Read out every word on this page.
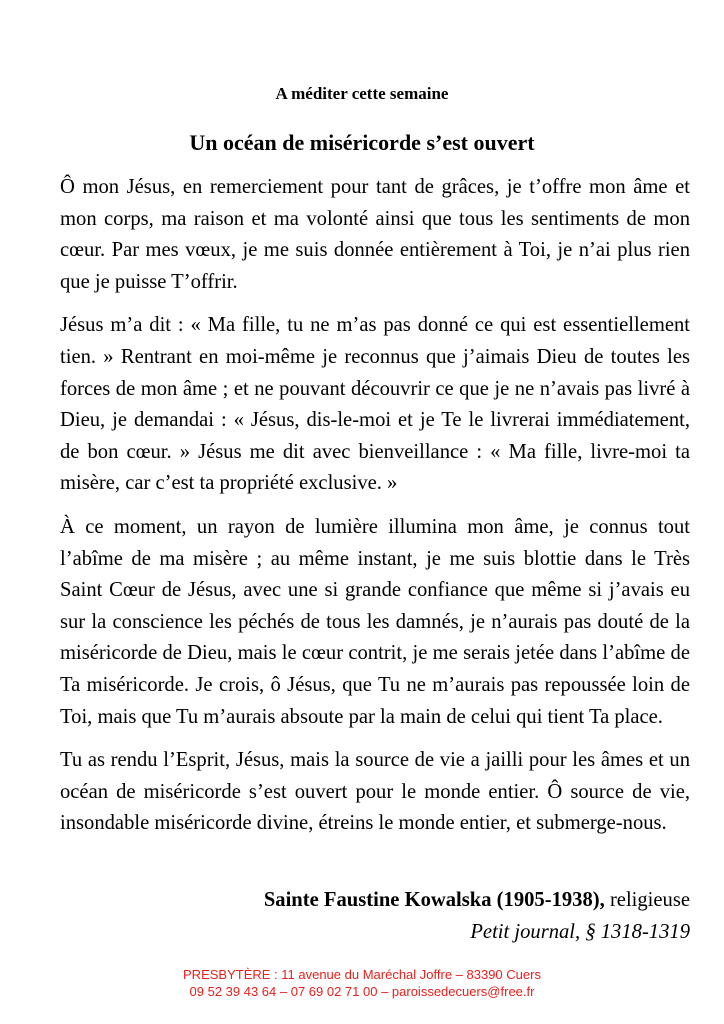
A méditer cette semaine
Un océan de miséricorde s’est ouvert

Ô mon Jésus, en remerciement pour tant de grâces, je t’offre mon âme et mon corps, ma raison et ma volonté ainsi que tous les sentiments de mon cœur. Par mes vœux, je me suis donnée entièrement à Toi, je n’ai plus rien que je puisse T’offrir.

Jésus m’a dit : « Ma fille, tu ne m’as pas donné ce qui est essentiellement tien. » Rentrant en moi-même je reconnus que j’aimais Dieu de toutes les forces de mon âme ; et ne pouvant découvrir ce que je ne n’avais pas livré à Dieu, je demandai : « Jésus, dis-le-moi et je Te le livrerai immédiatement, de bon cœur. » Jésus me dit avec bienveillance : « Ma fille, livre-moi ta misère, car c’est ta propriété exclusive. »

À ce moment, un rayon de lumière illumina mon âme, je connus tout l’abîme de ma misère ; au même instant, je me suis blottie dans le Très Saint Cœur de Jésus, avec une si grande confiance que même si j’avais eu sur la conscience les péchés de tous les damnés, je n’aurais pas douté de la miséricorde de Dieu, mais le cœur contrit, je me serais jetée dans l’abîme de Ta miséricorde. Je crois, ô Jésus, que Tu ne m’aurais pas repoussée loin de Toi, mais que Tu m’aurais absoute par la main de celui qui tient Ta place.

Tu as rendu l’Esprit, Jésus, mais la source de vie a jailli pour les âmes et un océan de miséricorde s’est ouvert pour le monde entier. Ô source de vie, insondable miséricorde divine, étreins le monde entier, et submerge-nous.

Sainte Faustine Kowalska (1905-1938), religieuse
Petit journal, § 1318-1319
PRESBYTÈRE : 11 avenue du Maréchal Joffre – 83390 Cuers
09 52 39 43 64 – 07 69 02 71 00 – paroissedecuers@free.fr
